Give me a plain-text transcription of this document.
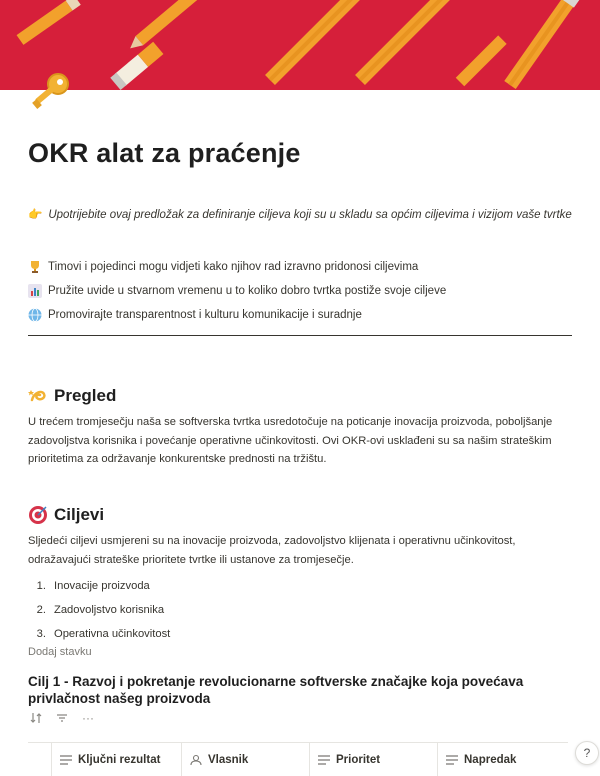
OKR alat za praćenje
👉 Upotrijebite ovaj predložak za definiranje ciljeva koji su u skladu sa općim ciljevima i vizijom vaše tvrtke
Timovi i pojedinci mogu vidjeti kako njihov rad izravno pridonosi ciljevima
Pružite uvide u stvarnom vremenu u to koliko dobro tvrtka postiže svoje ciljeve
Promovirajte transparentnost i kulturu komunikacije i suradnje
Pregled
U trećem tromjesečju naša se softverska tvrtka usredotočuje na poticanje inovacija proizvoda, poboljšanje zadovoljstva korisnika i povećanje operativne učinkovitosti. Ovi OKR-ovi usklađeni su sa našim strateškim prioritetima za održavanje konkurentske prednosti na tržištu.
Ciljevi
Sljedeći ciljevi usmjereni su na inovacije proizvoda, zadovoljstvo klijenata i operativnu učinkovitost, odražavajući strateške prioritete tvrtke ili ustanove za tromjesečje.
1. Inovacije proizvoda
2. Zadovoljstvo korisnika
3. Operativna učinkovitost
Dodaj stavku
Cilj 1 - Razvoj i pokretanje revolucionarne softverske značajke koja povećava privlačnost našeg proizvoda
···
Ključni rezultat	Vlasnik	Prioritet	Napredak	?
